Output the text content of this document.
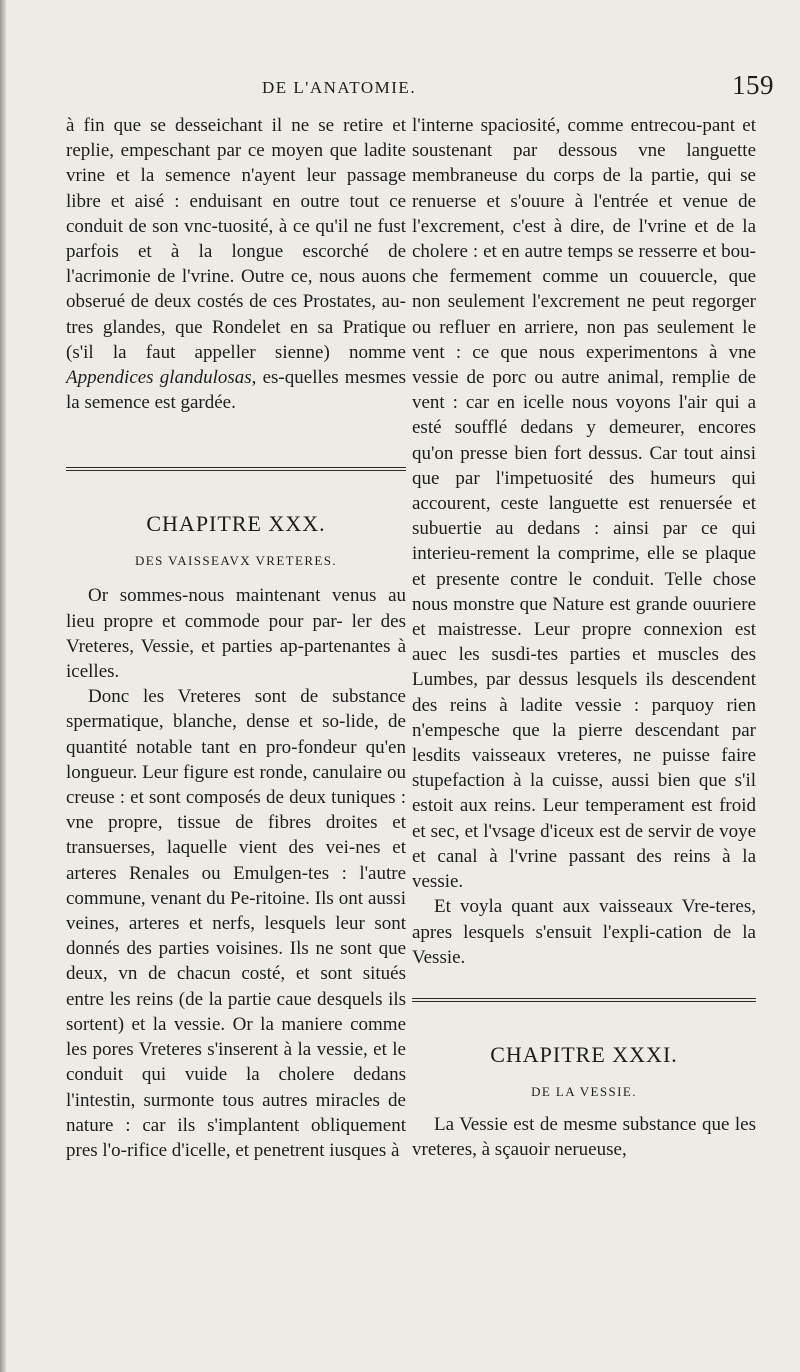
DE L'ANATOMIE.	159

à fin que se desseichant il ne se retire et replie, empeschant par ce moyen que ladite vrine et la semence n'ayent leur passage libre et aisé : enduisant en outre tout ce conduit de son vnc-tuosité, à ce qu'il ne fust parfois et à la longue escorché de l'acrimonie de l'vrine. Outre ce, nous auons obserué de deux costés de ces Prostates, au-tres glandes, que Rondelet en sa Pratique (s'il la faut appeller sienne) nomme Appendices glandulosas, es-quelles mesmes la semence est gardée.

CHAPITRE XXX.

DES VAISSEAVX VRETERES.

Or sommes-nous maintenant venus au lieu propre et commode pour par- ler des Vreteres, Vessie, et parties ap-partenantes à icelles.

Donc les Vreteres sont de substance spermatique, blanche, dense et so-lide, de quantité notable tant en pro-fondeur qu'en longueur. Leur figure est ronde, canulaire ou creuse : et sont composés de deux tuniques : vne propre, tissue de fibres droites et transuerses, laquelle vient des vei-nes et arteres Renales ou Emulgen-tes : l'autre commune, venant du Pe-ritoine. Ils ont aussi veines, arteres et nerfs, lesquels leur sont donnés des parties voisines. Ils ne sont que deux, vn de chacun costé, et sont situés entre les reins (de la partie caue desquels ils sortent) et la vessie. Or la maniere comme les pores Vreteres s'inserent à la vessie, et le conduit qui vuide la cholere dedans l'intestin, surmonte tous autres miracles de nature : car ils s'implantent obliquement pres l'o-rifice d'icelle, et penetrent iusques à

l'interne spaciosité, comme entrecou-pant et soustenant par dessous vne languette membraneuse du corps de la partie, qui se renuerse et s'ouure à l'entrée et venue de l'excrement, c'est à dire, de l'vrine et de la cholere : et en autre temps se resserre et bou-che fermement comme un couuercle, que non seulement l'excrement ne peut regorger ou refluer en arriere, non pas seulement le vent : ce que nous experimentons à vne vessie de porc ou autre animal, remplie de vent : car en icelle nous voyons l'air qui a esté soufflé dedans y demeurer, encores qu'on presse bien fort dessus. Car tout ainsi que par l'impetuosité des humeurs qui accourent, ceste languette est renuersée et subuertie au dedans : ainsi par ce qui interieu-rement la comprime, elle se plaque et presente contre le conduit. Telle chose nous monstre que Nature est grande ouuriere et maistresse. Leur propre connexion est auec les susdi-tes parties et muscles des Lumbes, par dessus lesquels ils descendent des reins à ladite vessie : parquoy rien n'empesche que la pierre descendant par lesdits vaisseaux vreteres, ne puisse faire stupefaction à la cuisse, aussi bien que s'il estoit aux reins. Leur temperament est froid et sec, et l'vsage d'iceux est de servir de voye et canal à l'vrine passant des reins à la vessie.

Et voyla quant aux vaisseaux Vre-teres, apres lesquels s'ensuit l'expli-cation de la Vessie.

CHAPITRE XXXI.

DE LA VESSIE.

La Vessie est de mesme substance que les vreteres, à sçauoir nerueuse,
